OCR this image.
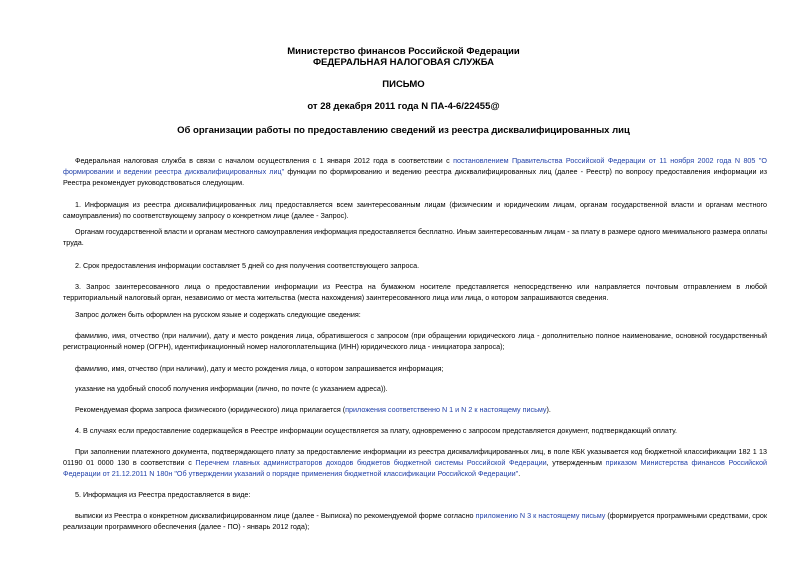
Министерство финансов Российской Федерации
ФЕДЕРАЛЬНАЯ НАЛОГОВАЯ СЛУЖБА
ПИСЬМО
от 28 декабря 2011 года N ПА-4-6/22455@
Об организации работы по предоставлению сведений из реестра дисквалифицированных лиц
Федеральная налоговая служба в связи с началом осуществления с 1 января 2012 года в соответствии с постановлением Правительства Российской Федерации от 11 ноября 2002 года N 805 "О формировании и ведении реестра дисквалифицированных лиц" функции по формированию и ведению реестра дисквалифицированных лиц (далее - Реестр) по вопросу предоставления информации из Реестра рекомендует руководствоваться следующим.
1. Информация из реестра дисквалифицированных лиц предоставляется всем заинтересованным лицам (физическим и юридическим лицам, органам государственной власти и органам местного самоуправления) по соответствующему запросу о конкретном лице (далее - Запрос).
Органам государственной власти и органам местного самоуправления информация предоставляется бесплатно. Иным заинтересованным лицам - за плату в размере одного минимального размера оплаты труда.
2. Срок предоставления информации составляет 5 дней со дня получения соответствующего запроса.
3. Запрос заинтересованного лица о предоставлении информации из Реестра на бумажном носителе представляется непосредственно или направляется почтовым отправлением в любой территориальный налоговый орган, независимо от места жительства (места нахождения) заинтересованного лица или лица, о котором запрашиваются сведения.
Запрос должен быть оформлен на русском языке и содержать следующие сведения:
фамилию, имя, отчество (при наличии), дату и место рождения лица, обратившегося с запросом (при обращении юридического лица - дополнительно полное наименование, основной государственный регистрационный номер (ОГРН), идентификационный номер налогоплательщика (ИНН) юридического лица - инициатора запроса);
фамилию, имя, отчество (при наличии), дату и место рождения лица, о котором запрашивается информация;
указание на удобный способ получения информации (лично, по почте (с указанием адреса)).
Рекомендуемая форма запроса физического (юридического) лица прилагается (приложения соответственно N 1 и N 2 к настоящему письму).
4. В случаях если предоставление содержащейся в Реестре информации осуществляется за плату, одновременно с запросом представляется документ, подтверждающий оплату.
При заполнении платежного документа, подтверждающего плату за предоставление информации из реестра дисквалифицированных лиц, в поле КБК указывается код бюджетной классификации 182 1 13 01190 01 0000 130 в соответствии с Перечнем главных администраторов доходов бюджетов бюджетной системы Российской Федерации, утвержденным приказом Министерства финансов Российской Федерации от 21.12.2011 N 180н "Об утверждении указаний о порядке применения бюджетной классификации Российской Федерации".
5. Информация из Реестра предоставляется в виде:
выписки из Реестра о конкретном дисквалифицированном лице (далее - Выписка) по рекомендуемой форме согласно приложению N 3 к настоящему письму (формируется программными средствами, срок реализации программного обеспечения (далее - ПО) - январь 2012 года);
